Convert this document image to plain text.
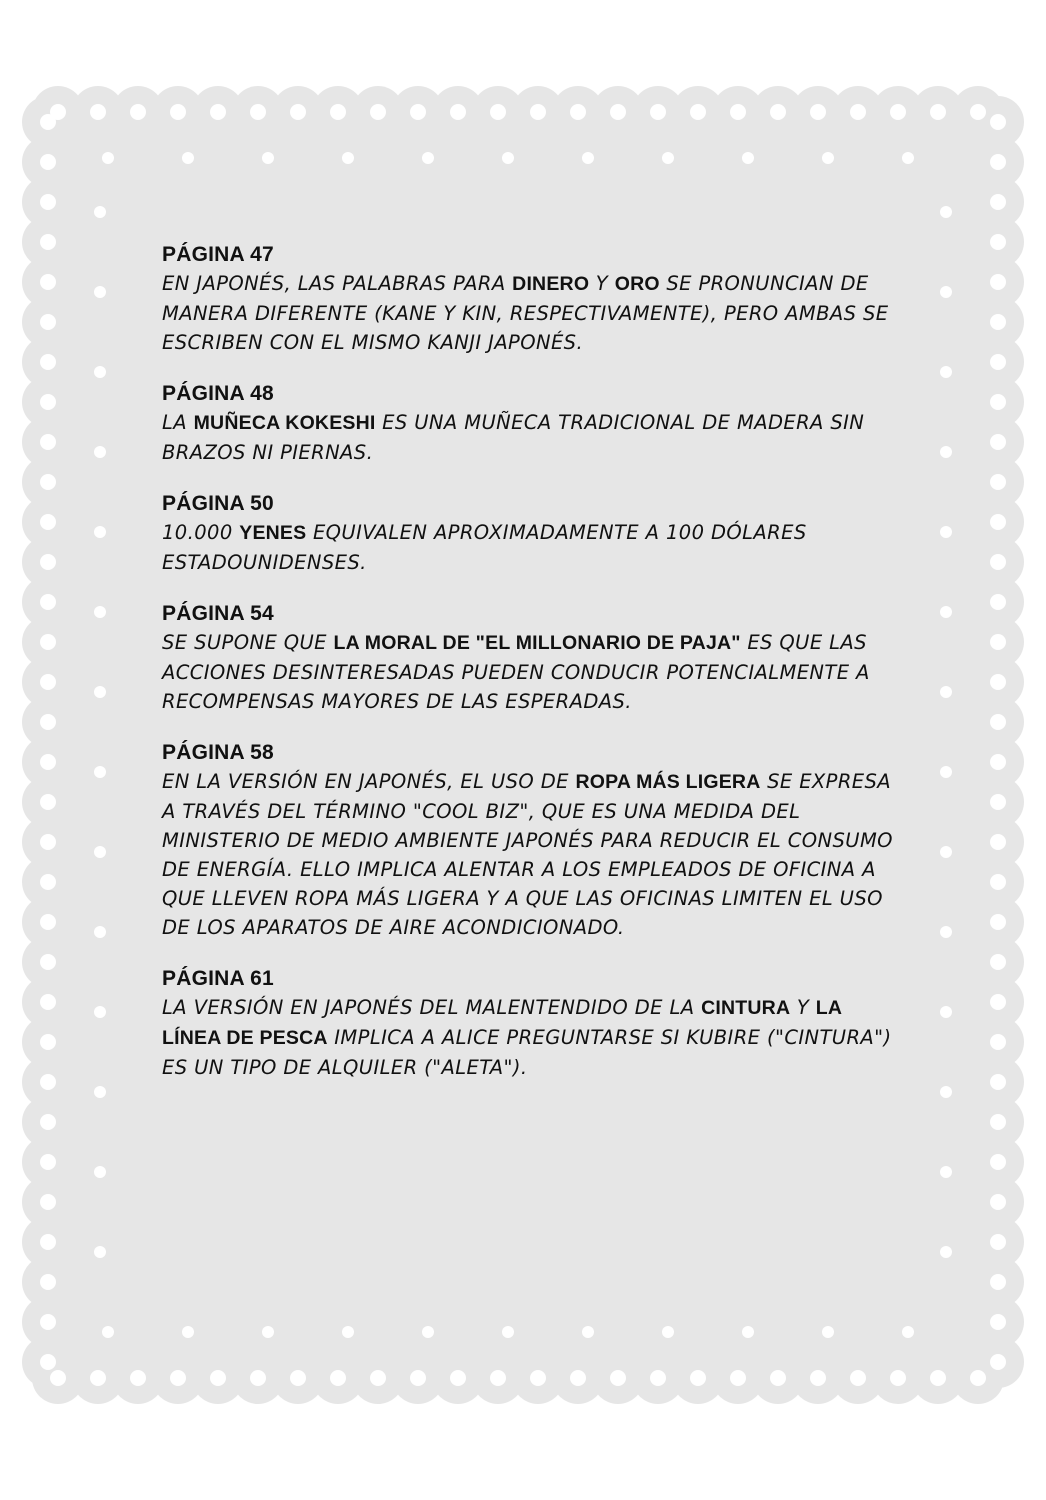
PÁGINA 47
EN JAPONÉS, LAS PALABRAS PARA DINERO Y ORO SE PRONUNCIAN DE MANERA DIFERENTE (KANE Y KIN, RESPECTIVAMENTE), PERO AMBAS SE ESCRIBEN CON EL MISMO KANJI JAPONÉS.
PÁGINA 48
LA MUÑECA KOKESHI ES UNA MUÑECA TRADICIONAL DE MADERA SIN BRAZOS NI PIERNAS.
PÁGINA 50
10.000 YENES EQUIVALEN APROXIMADAMENTE A 100 DÓLARES ESTADOUNIDENSES.
PÁGINA 54
SE SUPONE QUE LA MORAL DE "EL MILLONARIO DE PAJA" ES QUE LAS ACCIONES DESINTERESADAS PUEDEN CONDUCIR POTENCIALMENTE A RECOMPENSAS MAYORES DE LAS ESPERADAS.
PÁGINA 58
EN LA VERSIÓN EN JAPONÉS, EL USO DE ROPA MÁS LIGERA SE EXPRESA A TRAVÉS DEL TÉRMINO "COOL BIZ", QUE ES UNA MEDIDA DEL MINISTERIO DE MEDIO AMBIENTE JAPONÉS PARA REDUCIR EL CONSUMO DE ENERGÍA. ELLO IMPLICA ALENTAR A LOS EMPLEADOS DE OFICINA A QUE LLEVEN ROPA MÁS LIGERA Y A QUE LAS OFICINAS LIMITEN EL USO DE LOS APARATOS DE AIRE ACONDICIONADO.
PÁGINA 61
LA VERSIÓN EN JAPONÉS DEL MALENTENDIDO DE LA CINTURA Y LA LÍNEA DE PESCA IMPLICA A ALICE PREGUNTARSE SI KUBIRE ("CINTURA") ES UN TIPO DE ALQUILER ("ALETA").
